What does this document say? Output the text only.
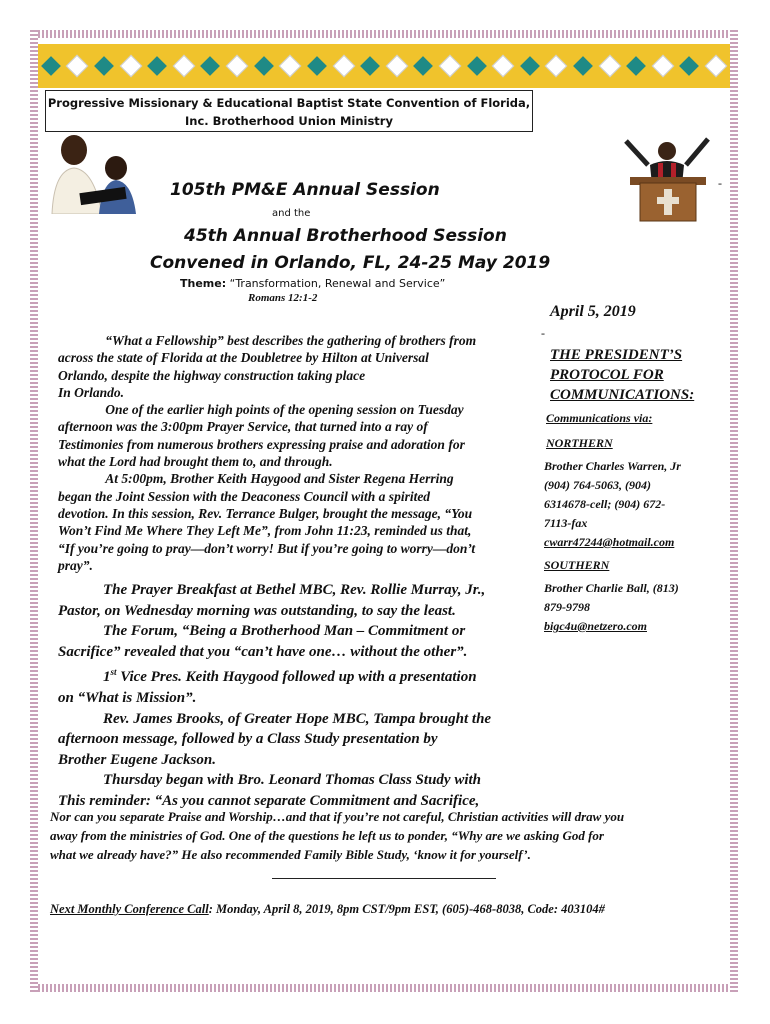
Progressive Missionary & Educational Baptist State Convention of Florida,
Inc. Brotherhood Union Ministry
-
105th PM&E Annual Session
and the
45th Annual Brotherhood Session
Convened in Orlando, FL, 24-25 May 2019
Theme: “Transformation, Renewal and Service”
Romans 12:1-2
April 5, 2019
-

“What a Fellowship” best describes the gathering of brothers from

across the state of Florida at the Doubletree by Hilton at Universal

Orlando, despite the highway construction taking place

In Orlando.

One of the earlier high points of the opening session on Tuesday

afternoon was the 3:00pm Prayer Service, that turned into a ray of

Testimonies from numerous brothers expressing praise and adoration for

what the Lord had brought them to, and through.

At 5:00pm, Brother Keith Haygood and Sister Regena Herring

began the Joint Session with the Deaconess Council with a spirited

devotion. In this session, Rev. Terrance Bulger, brought the message, “You

Won’t Find Me Where They Left Me”, from John 11:23, reminded us that,

“If you’re going to pray—don’t worry! But if you’re going to worry—don’t

pray”.

The Prayer Breakfast at Bethel MBC, Rev. Rollie Murray, Jr.,

Pastor, on Wednesday morning was outstanding, to say the least.

The Forum, “Being a Brotherhood Man – Commitment or

Sacrifice” revealed that you “can’t have one… without the other”.

1st Vice Pres. Keith Haygood followed up with a presentation

on “What is Mission”.

Rev. James Brooks, of Greater Hope MBC, Tampa brought the

afternoon message, followed by a Class Study presentation by

Brother Eugene Jackson.

Thursday began with Bro. Leonard Thomas Class Study with

This reminder: “As you cannot separate Commitment and Sacrifice,

Nor can you separate Praise and Worship…and that if you’re not careful, Christian activities will draw you

away from the ministries of God. One of the questions he left us to ponder, “Why are we asking God for

what we already have?” He also recommended Family Bible Study, ‘know it for yourself’.

THE PRESIDENT’S
PROTOCOL FOR
COMMUNICATIONS:
Communications via:
NORTHERN
Brother Charles Warren, Jr
(904) 764-5063, (904)
6314678-cell; (904) 672-
7113-fax
cwarr47244@hotmail.com
SOUTHERN
Brother Charlie Ball, (813)
879-9798
bigc4u@netzero.com
Next Monthly Conference Call: Monday, April 8, 2019, 8pm CST/9pm EST, (605)-468-8038, Code: 403104#
